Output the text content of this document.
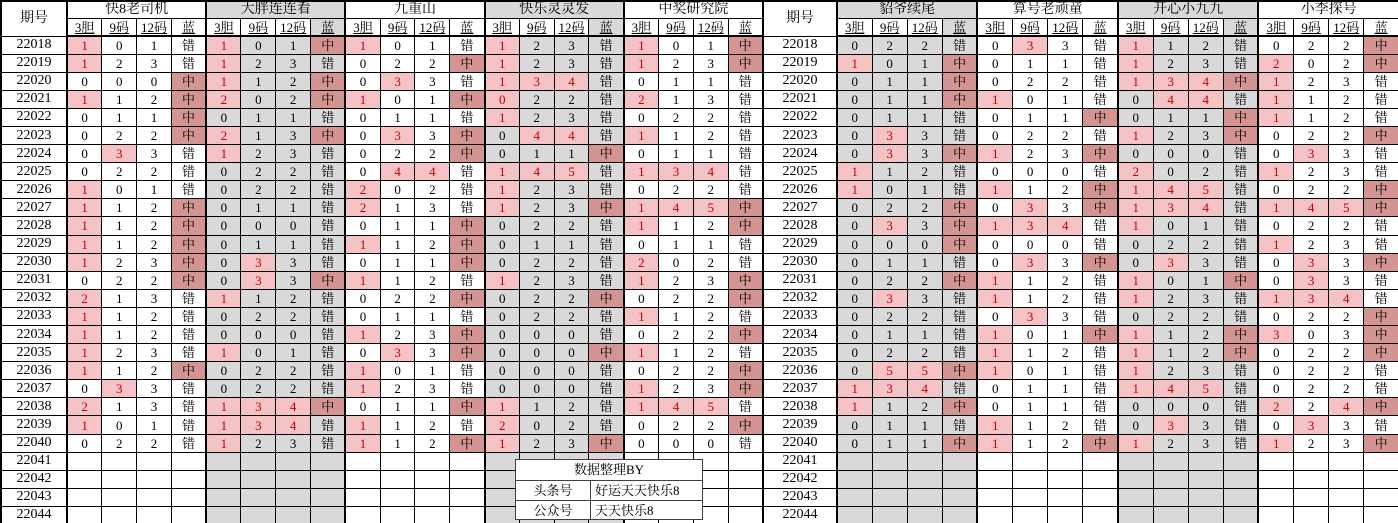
期号	快8老司机				大胖连连看				九重山				快乐灵灵发				中奖研究院				期号	貂爷续尾				算号老顽童				开心小九九				小李探号			
	3胆	9码	12码	蓝	3胆	9码	12码	蓝	3胆	9码	12码	蓝	3胆	9码	12码	蓝	3胆	9码	12码	蓝		3胆	9码	12码	蓝	3胆	9码	12码	蓝	3胆	9码	12码	蓝	3胆	9码	12码	蓝
22018	1	0	1	错	1	0	1	中	1	0	1	错	1	2	3	错	1	0	1	中	22018	0	2	2	错	0	3	3	错	1	1	2	错	0	2	2	中
22019	1	2	3	错	1	2	3	错	0	2	2	中	1	2	3	错	1	2	3	中	22019	1	0	1	中	0	1	1	错	1	2	3	错	2	0	2	中
22020	0	0	0	中	1	1	2	中	0	3	3	错	1	3	4	错	0	1	1	错	22020	0	1	1	中	0	2	2	错	1	3	4	中	1	2	3	错
22021	1	1	2	中	2	0	2	中	1	0	1	中	0	2	2	错	2	1	3	错	22021	0	1	1	中	1	0	1	错	0	4	4	错	1	1	2	错
22022	0	1	1	中	0	1	1	错	0	1	1	错	1	2	3	错	0	2	2	错	22022	0	1	1	错	0	1	1	中	0	1	1	中	1	1	2	错
22023	0	2	2	中	2	1	3	中	0	3	3	中	0	4	4	错	1	1	2	错	22023	0	3	3	错	0	2	2	错	1	2	3	中	0	2	2	中
22024	0	3	3	错	1	2	3	错	0	2	2	中	0	1	1	中	0	1	1	错	22024	0	3	3	中	1	2	3	中	0	0	0	错	0	3	3	错
22025	0	2	2	错	0	2	2	错	0	4	4	错	1	4	5	错	1	3	4	错	22025	1	1	2	错	0	0	0	错	2	0	2	错	1	2	3	错
22026	1	0	1	错	0	2	2	错	2	0	2	错	1	2	3	错	0	2	2	错	22026	1	0	1	错	1	1	2	中	1	4	5	错	0	2	2	中
22027	1	1	2	中	0	1	1	错	2	1	3	错	1	2	3	中	1	4	5	中	22027	0	2	2	中	0	3	3	中	1	3	4	错	1	4	5	中
22028	1	1	2	中	0	0	0	错	0	1	1	中	0	2	2	错	1	1	2	中	22028	0	3	3	中	1	3	4	错	1	0	1	错	0	2	2	错
22029	1	1	2	中	0	1	1	错	1	1	2	中	0	1	1	错	0	1	1	错	22029	0	0	0	中	0	0	0	错	0	2	2	错	1	2	3	错
22030	1	2	3	中	0	3	3	错	0	1	1	中	0	2	2	错	2	0	2	错	22030	0	1	1	错	0	3	3	中	0	3	3	错	0	3	3	中
22031	0	2	2	中	0	3	3	中	1	1	2	错	1	2	3	错	1	2	3	中	22031	0	2	2	中	1	1	2	错	1	0	1	中	0	3	3	错
22032	2	1	3	错	1	1	2	错	0	2	2	中	0	2	2	中	0	2	2	中	22032	0	3	3	错	1	1	2	错	1	2	3	错	1	3	4	错
22033	1	1	2	错	0	2	2	错	0	1	1	错	0	2	2	错	1	1	2	错	22033	0	2	2	错	0	3	3	错	0	2	2	错	0	2	2	中
22034	1	1	2	错	0	0	0	错	1	2	3	中	0	0	0	错	0	2	2	中	22034	0	1	1	错	1	0	1	中	1	1	2	中	3	0	3	中
22035	1	2	3	错	1	0	1	错	0	3	3	中	0	0	0	中	1	1	2	错	22035	0	2	2	错	1	1	2	错	1	1	2	中	0	2	2	中
22036	1	1	2	中	0	2	2	错	1	0	1	错	0	0	0	错	0	2	2	中	22036	0	5	5	中	1	0	1	错	1	2	3	错	0	2	2	错
22037	0	3	3	错	0	2	2	错	1	2	3	错	0	0	0	错	1	2	3	中	22037	1	3	4	错	0	1	1	错	1	4	5	错	0	2	2	错
22038	2	1	3	错	1	3	4	中	0	1	1	中	1	1	2	错	1	4	5	错	22038	1	1	2	中	0	1	1	错	0	0	0	错	2	2	4	中
22039	1	0	1	错	1	3	4	错	1	1	2	错	2	0	2	错	0	2	2	中	22039	0	1	1	错	1	1	2	错	0	3	3	错	0	3	3	错
22040	0	2	2	错	1	2	3	错	1	1	2	中	1	2	3	中	0	0	0	错	22040	0	1	1	中	1	1	2	中	1	2	3	错	1	2	3	中
22041																					22041																
22042																					22042																
22043																					22043																
22044																					22044																
数据整理BY
头条号	好运天天快乐8
公众号	天天快乐8
